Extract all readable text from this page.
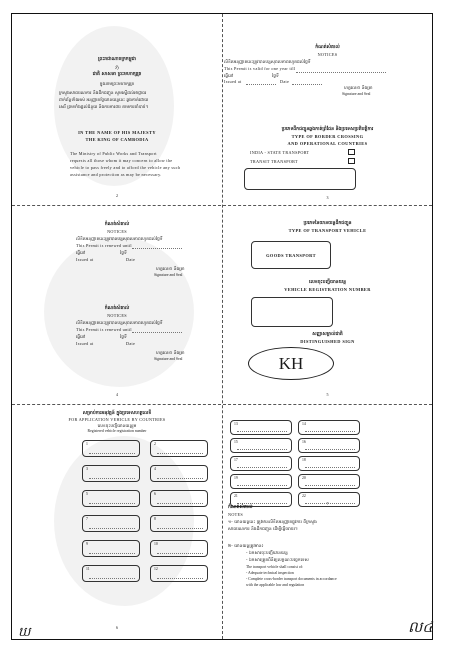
ព្រះរាជាណាចក្រកម្ពុជា
ℌ
ជាតិ សាសនា ព្រះមហាក្សត្រ
ក្នុងនាមព្រះមហាក្សត្រ
ក្រសួងសាធារណការ និងដឹកជញ្ជូន សូមស្នើដល់អាជ្ញាធរ
ពាក់ព័ន្ធទាំងអស់ អនុញ្ញាតឱ្យយានយន្តនេះ ឆ្លងកាត់ដោយ
សេរី ព្រមទាំងផ្តល់ជំនួយ និងការការពារ តាមការចាំបាច់។
IN THE NAME OF HIS MAJESTY
THE KING OF CAMBODIA
The Ministry of Public Works and Transport
requests all those whom it may concern to allow the
vehicle to pass freely and to afford the vehicle any such
assistance and protection as may be necessary.
2
កំណត់សំគាល់
NOTICES
លិខិតអនុញ្ញាតនេះត្រូវបានបន្តសុពលភាពរហូតដល់ថ្ងៃទី
This Permit is valid for one year till
ធ្វើនៅ	ថ្ងៃទី
Issued at	Date
ហត្ថលេខា និងត្រា
Signature and Seal
ប្រភេទដឹកជញ្ជូនឆ្លងកាត់ព្រំដែន និងប្រទេសប្រតិបត្តិការ
TYPE OF BORDER CROSSING
AND OPERATIONAL COUNTRIES
INDIA - STATE TRANSPORT
TRANSIT TRANSPORT
3
កំណត់សំគាល់
NOTICES
លិខិតអនុញ្ញាតនេះត្រូវបានបន្តសុពលភាពរហូតដល់ថ្ងៃទី
This Permit is renewed until
ធ្វើនៅ	ថ្ងៃទី
Issued at	Date
ហត្ថលេខា និងត្រា
Signature and Seal
កំណត់សំគាល់
NOTICES
លិខិតអនុញ្ញាតនេះត្រូវបានបន្តសុពលភាពរហូតដល់ថ្ងៃទី
This Permit is renewed until
ធ្វើនៅ	ថ្ងៃទី
Issued at	Date
ហត្ថលេខា និងត្រា
Signature and Seal
4
ប្រភេទនៃយានយន្តដឹកជញ្ជូន
TYPE OF TRANSPORT VEHICLE
GOODS TRANSPORT
លេខចុះបញ្ជីយានយន្ត
VEHICLE REGISTRATION NUMBER
សញ្ញាសម្គាល់ជាតិ
DISTINGUISHED SIGN
KH
5
សម្រាប់ការអនុវត្តន៍ ក្នុងប្រទេសហត្ថលេខី
FOR APPLICATION VEHICLE BY COUNTRIES
លេខចុះបញ្ជីយានយន្តរួម
Registered vehicle registration number
1	2
3	4
5	6
7	8
9	10
11	12
6
13	14
15	16
17	18
19	20
21	22
កំណត់សំគាល់
NOTES
១- យានយន្តនេះ ត្រូវមានលិខិតអនុញ្ញាតផ្លូវការ ពីក្រសួង
សាធារណការ និងដឹកជញ្ជូន ដើម្បីធ្វើចរាចរ។
២- យានយន្តត្រូវមាន៖
- ឯកសារចុះបញ្ជីយានយន្ត
- ឯកសារត្រួតពិនិត្យលក្ខណៈបច្ចេកទេស
The transport vehicle shall consist of:
- Adequate technical inspection
- Complete cross-border transport documents in accordance
with the applicable law and regulation
7
ឃ	ល៤
